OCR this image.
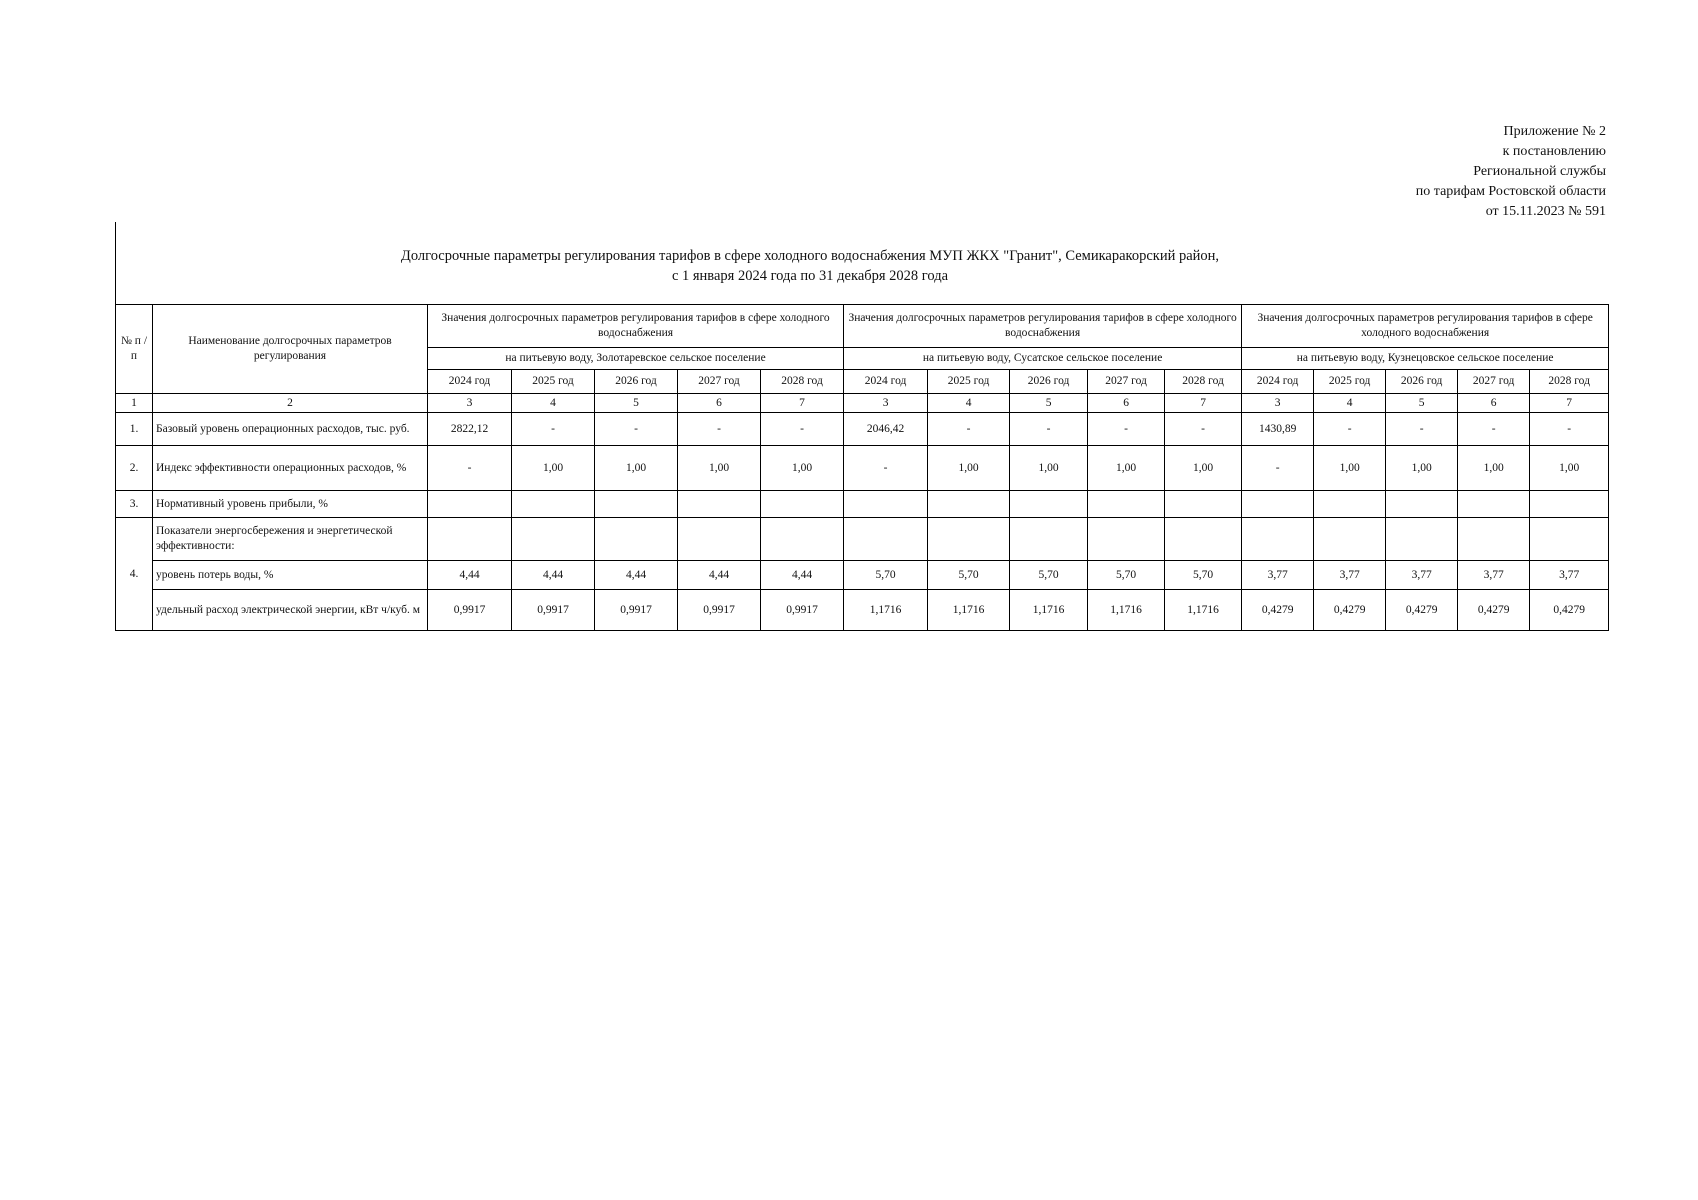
Приложение № 2
к постановлению
Региональной службы
по тарифам Ростовской области
от 15.11.2023 № 591
Долгосрочные параметры регулирования тарифов в сфере холодного водоснабжения МУП ЖКХ "Гранит", Семикаракорский район,
с 1 января 2024 года по 31 декабря 2028 года
№ п /п	Наименование долгосрочных параметров регулирования	Значения долгосрочных параметров регулирования тарифов в сфере холодного водоснабжения					Значения долгосрочных параметров регулирования тарифов в сфере холодного водоснабжения					Значения долгосрочных параметров регулирования тарифов в сфере холодного водоснабжения				
		на питьевую воду, Золотаревское сельское поселение					на питьевую воду, Сусатское сельское поселение					на питьевую воду, Кузнецовское сельское поселение				
		2024 год	2025 год	2026 год	2027 год	2028 год	2024 год	2025 год	2026 год	2027 год	2028 год	2024 год	2025 год	2026 год	2027 год	2028 год
1	2	3	4	5	6	7	3	4	5	6	7	3	4	5	6	7
1.	Базовый уровень операционных расходов, тыс. руб.	2822,12	-	-	-	-	2046,42	-	-	-	-	1430,89	-	-	-	-
2.	Индекс эффективности операционных расходов, %	-	1,00	1,00	1,00	1,00	-	1,00	1,00	1,00	1,00	-	1,00	1,00	1,00	1,00
3.	Нормативный уровень прибыли, %															
4.	Показатели энергосбережения и энергетической эффективности:															
	уровень потерь воды, %	4,44	4,44	4,44	4,44	4,44	5,70	5,70	5,70	5,70	5,70	3,77	3,77	3,77	3,77	3,77
	удельный расход электрической энергии, кВт ч/куб. м	0,9917	0,9917	0,9917	0,9917	0,9917	1,1716	1,1716	1,1716	1,1716	1,1716	0,4279	0,4279	0,4279	0,4279	0,4279
